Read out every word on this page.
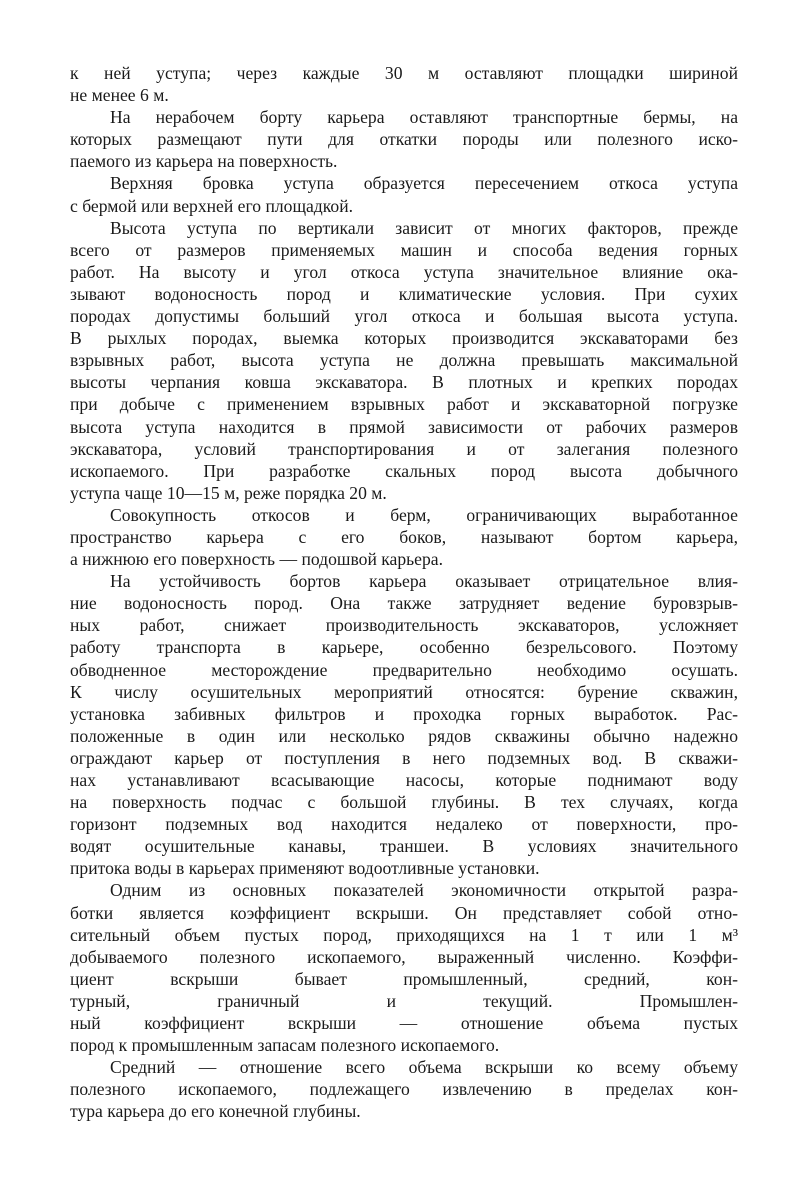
к ней уступа; через каждые 30 м оставляют площадки шириной
не менее 6 м.
На нерабочем борту карьера оставляют транспортные бермы, на
которых размещают пути для откатки породы или полезного иско-
паемого из карьера на поверхность.
Верхняя бровка уступа образуется пересечением откоса уступа
с бермой или верхней его площадкой.
Высота уступа по вертикали зависит от многих факторов, прежде
всего от размеров применяемых машин и способа ведения горных
работ. На высоту и угол откоса уступа значительное влияние ока-
зывают водоносность пород и климатические условия. При сухих
породах допустимы больший угол откоса и большая высота уступа.
В рыхлых породах, выемка которых производится экскаваторами без
взрывных работ, высота уступа не должна превышать максимальной
высоты черпания ковша экскаватора. В плотных и крепких породах
при добыче с применением взрывных работ и экскаваторной погрузке
высота уступа находится в прямой зависимости от рабочих размеров
экскаватора, условий транспортирования и от залегания полезного
ископаемого. При разработке скальных пород высота добычного
уступа чаще 10—15 м, реже порядка 20 м.
Совокупность откосов и берм, ограничивающих выработанное
пространство карьера с его боков, называют бортом карьера,
а нижнюю его поверхность — подошвой карьера.
На устойчивость бортов карьера оказывает отрицательное влия-
ние водоносность пород. Она также затрудняет ведение буровзрыв-
ных работ, снижает производительность экскаваторов, усложняет
работу транспорта в карьере, особенно безрельсового. Поэтому
обводненное месторождение предварительно необходимо осушать.
К числу осушительных мероприятий относятся: бурение скважин,
установка забивных фильтров и проходка горных выработок. Рас-
положенные в один или несколько рядов скважины обычно надежно
ограждают карьер от поступления в него подземных вод. В скважи-
нах устанавливают всасывающие насосы, которые поднимают воду
на поверхность подчас с большой глубины. В тех случаях, когда
горизонт подземных вод находится недалеко от поверхности, про-
водят осушительные канавы, траншеи. В условиях значительного
притока воды в карьерах применяют водоотливные установки.
Одним из основных показателей экономичности открытой разра-
ботки является коэффициент вскрыши. Он представляет собой отно-
сительный объем пустых пород, приходящихся на 1 т или 1 м³
добываемого полезного ископаемого, выраженный численно. Коэффи-
циент вскрыши бывает промышленный, средний, кон-
турный, граничный и текущий. Промышлен-
ный коэффициент вскрыши — отношение объема пустых
пород к промышленным запасам полезного ископаемого.
Средний — отношение всего объема вскрыши ко всему объему
полезного ископаемого, подлежащего извлечению в пределах кон-
тура карьера до его конечной глубины.
